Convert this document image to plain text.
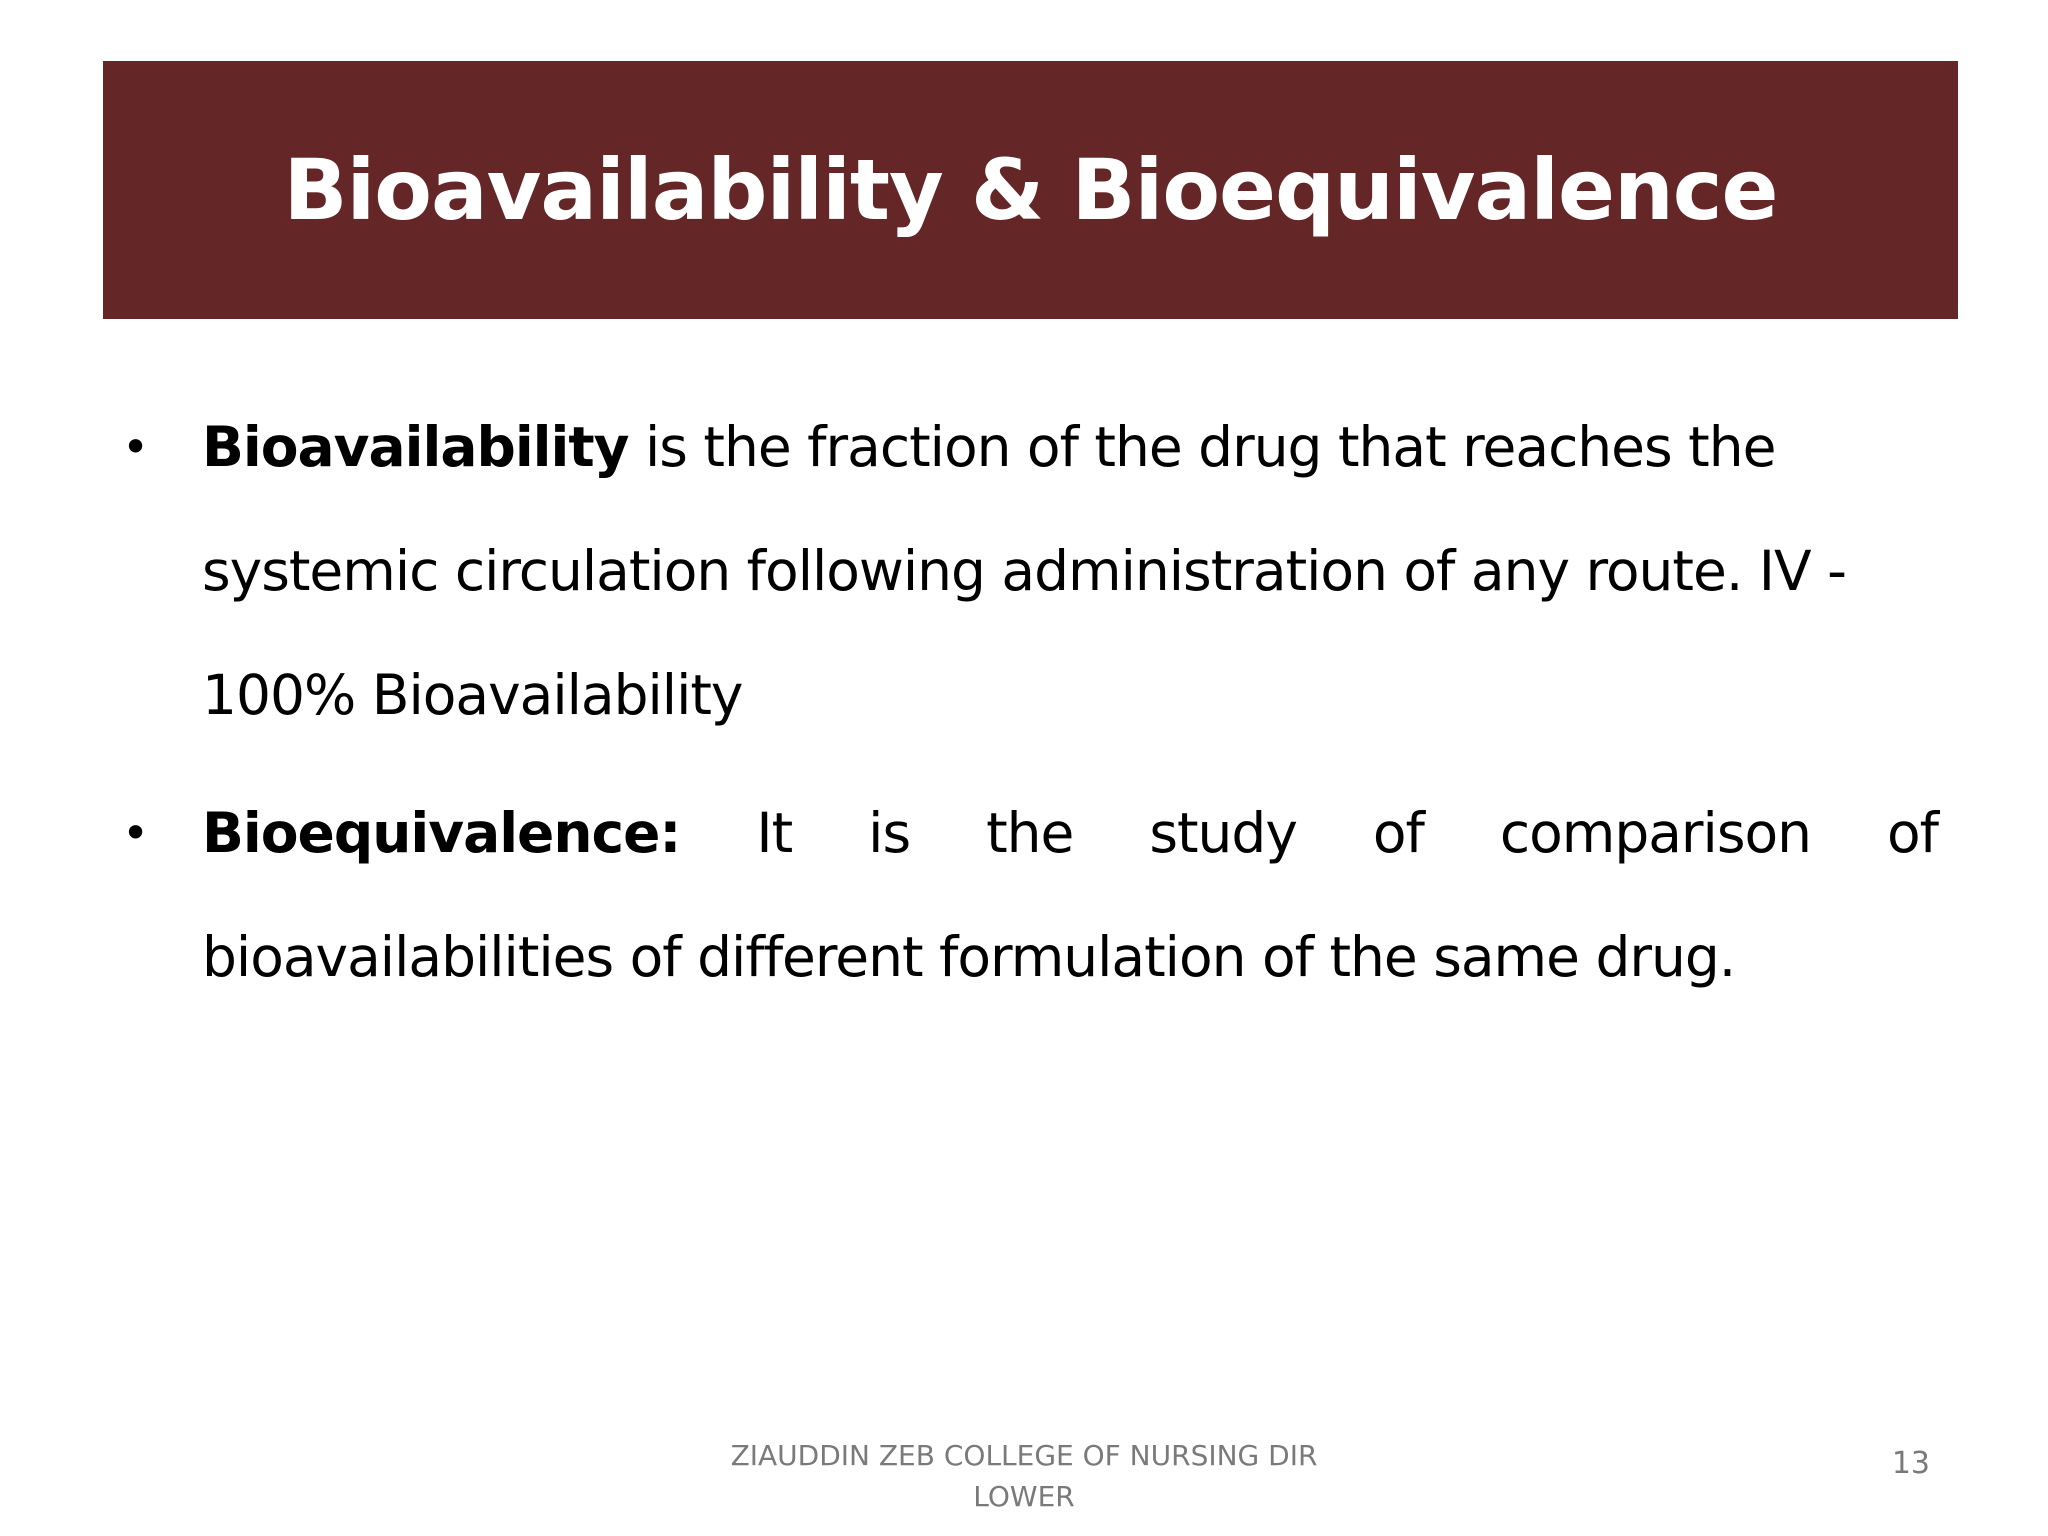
Bioavailability & Bioequivalence
• Bioavailability is the fraction of the drug that reaches the systemic circulation following administration of any route. IV - 100% Bioavailability
• Bioequivalence: It is the study of comparison of bioavailabilities of different formulation of the same drug.
ZIAUDDIN ZEB COLLEGE OF NURSING DIR LOWER
13
